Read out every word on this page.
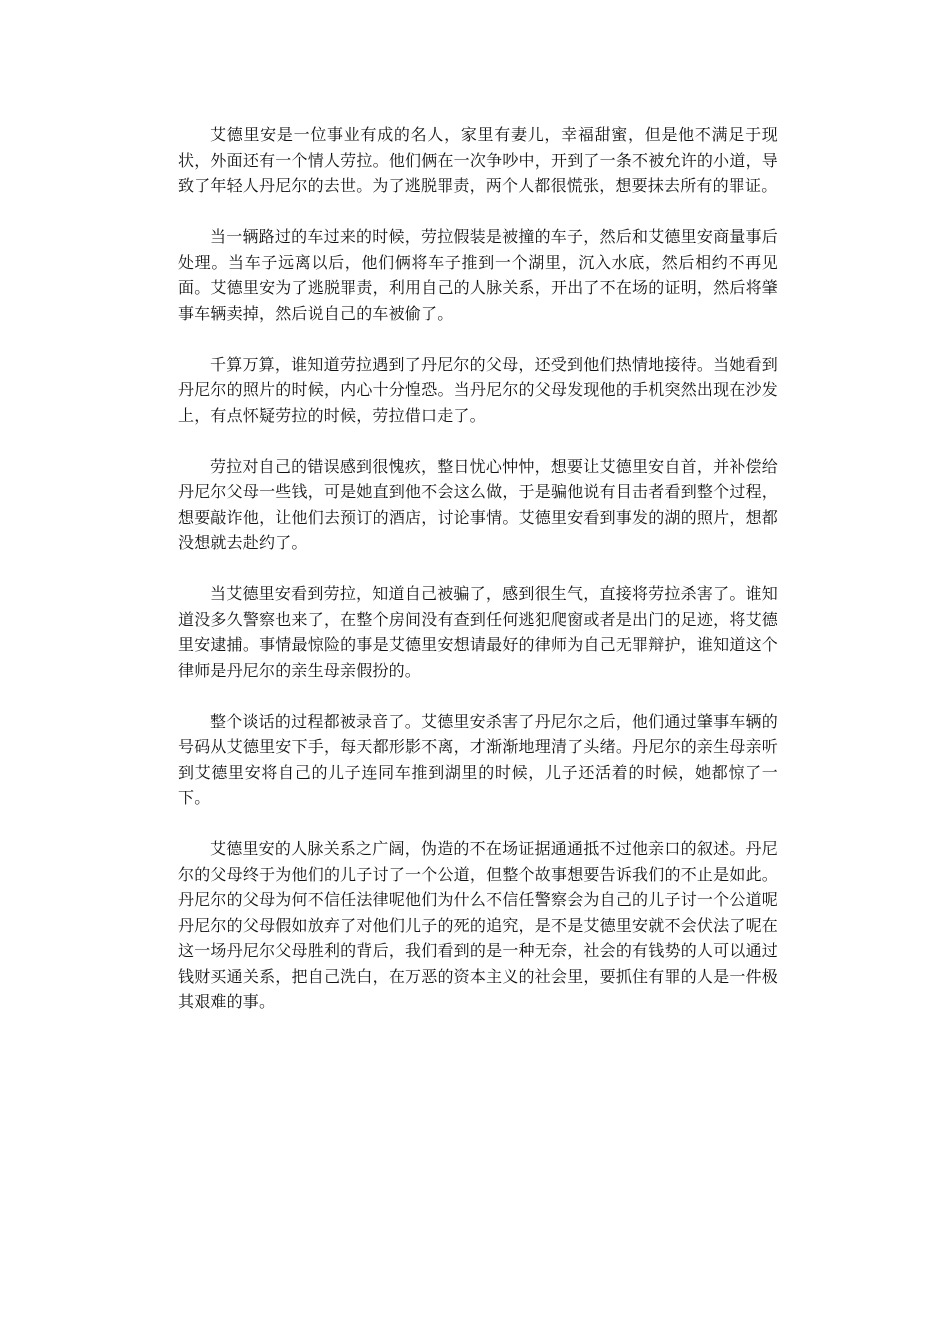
艾德里安是一位事业有成的名人，家里有妻儿，幸福甜蜜，但是他不满足于现状，外面还有一个情人劳拉。他们俩在一次争吵中，开到了一条不被允许的小道，导致了年轻人丹尼尔的去世。为了逃脱罪责，两个人都很慌张，想要抹去所有的罪证。

当一辆路过的车过来的时候，劳拉假装是被撞的车子，然后和艾德里安商量事后处理。当车子远离以后，他们俩将车子推到一个湖里，沉入水底，然后相约不再见面。艾德里安为了逃脱罪责，利用自己的人脉关系，开出了不在场的证明，然后将肇事车辆卖掉，然后说自己的车被偷了。

千算万算，谁知道劳拉遇到了丹尼尔的父母，还受到他们热情地接待。当她看到丹尼尔的照片的时候，内心十分惶恐。当丹尼尔的父母发现他的手机突然出现在沙发上，有点怀疑劳拉的时候，劳拉借口走了。

劳拉对自己的错误感到很愧疚，整日忧心忡忡，想要让艾德里安自首，并补偿给丹尼尔父母一些钱，可是她直到他不会这么做，于是骗他说有目击者看到整个过程，想要敲诈他，让他们去预订的酒店，讨论事情。艾德里安看到事发的湖的照片，想都没想就去赴约了。

当艾德里安看到劳拉，知道自己被骗了，感到很生气，直接将劳拉杀害了。谁知道没多久警察也来了，在整个房间没有查到任何逃犯爬窗或者是出门的足迹，将艾德里安逮捕。事情最惊险的事是艾德里安想请最好的律师为自己无罪辩护，谁知道这个律师是丹尼尔的亲生母亲假扮的。

整个谈话的过程都被录音了。艾德里安杀害了丹尼尔之后，他们通过肇事车辆的号码从艾德里安下手，每天都形影不离，才渐渐地理清了头绪。丹尼尔的亲生母亲听到艾德里安将自己的儿子连同车推到湖里的时候，儿子还活着的时候，她都惊了一下。

艾德里安的人脉关系之广阔，伪造的不在场证据通通抵不过他亲口的叙述。丹尼尔的父母终于为他们的儿子讨了一个公道，但整个故事想要告诉我们的不止是如此。丹尼尔的父母为何不信任法律呢他们为什么不信任警察会为自己的儿子讨一个公道呢丹尼尔的父母假如放弃了对他们儿子的死的追究，是不是艾德里安就不会伏法了呢在这一场丹尼尔父母胜利的背后，我们看到的是一种无奈，社会的有钱势的人可以通过钱财买通关系，把自己洗白，在万恶的资本主义的社会里，要抓住有罪的人是一件极其艰难的事。
